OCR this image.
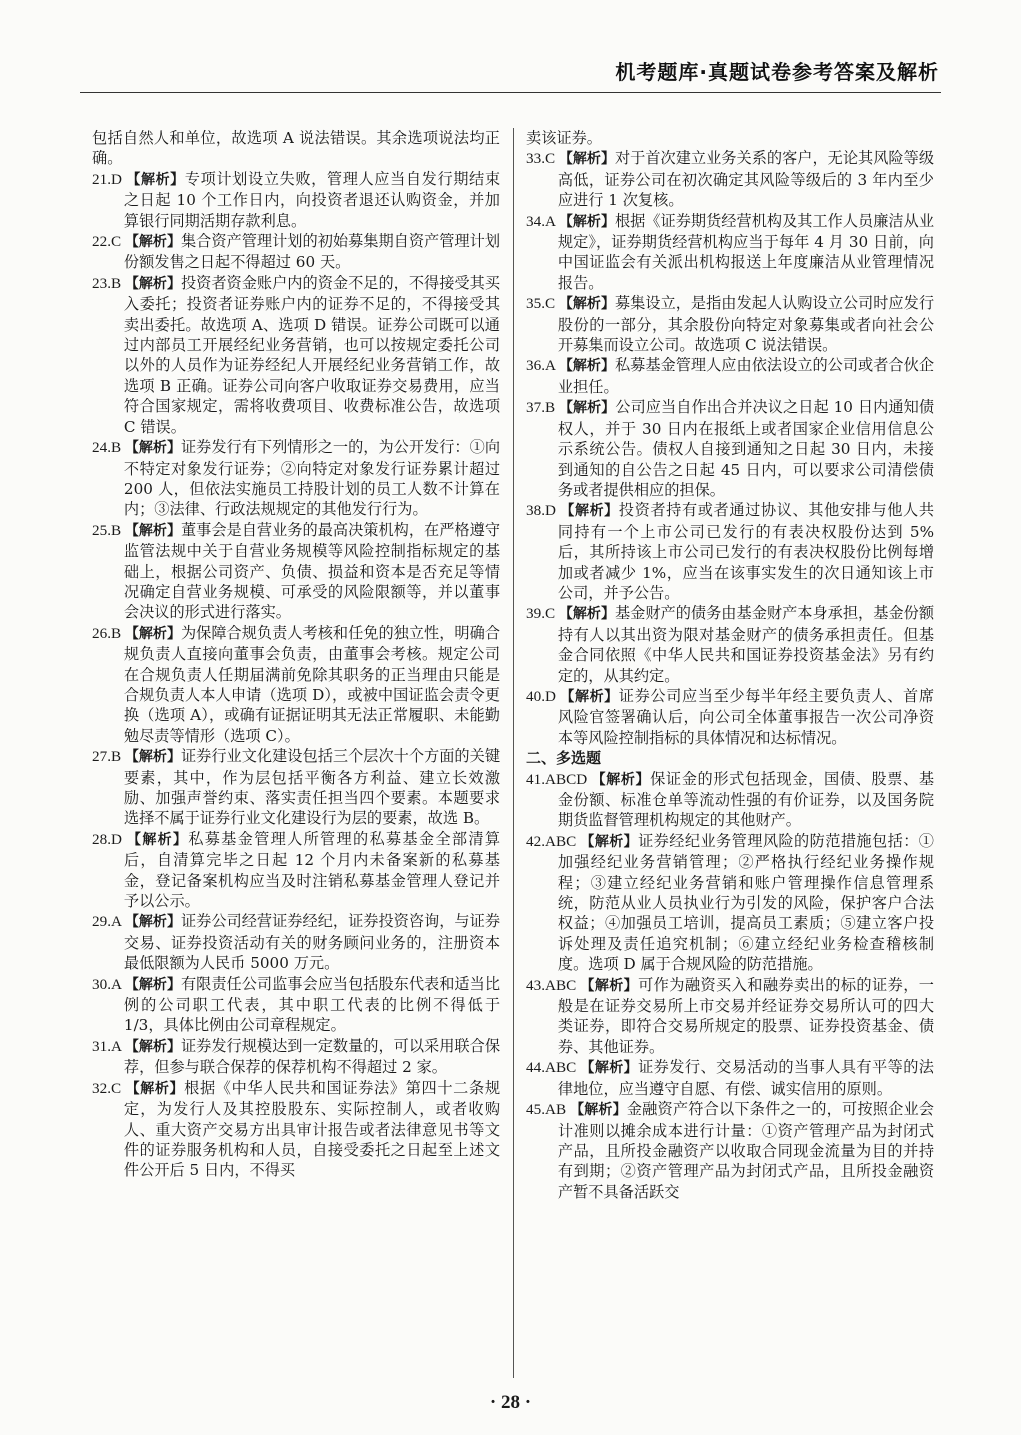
机考题库·真题试卷参考答案及解析

包括自然人和单位，故选项 A 说法错误。其余选项说法均正确。

21.D 【解析】专项计划设立失败，管理人应当自发行期结束之日起 10 个工作日内，向投资者退还认购资金，并加算银行同期活期存款利息。

22.C 【解析】集合资产管理计划的初始募集期自资产管理计划份额发售之日起不得超过 60 天。

23.B 【解析】投资者资金账户内的资金不足的，不得接受其买入委托；投资者证券账户内的证券不足的，不得接受其卖出委托。故选项 A、选项 D 错误。证券公司既可以通过内部员工开展经纪业务营销，也可以按规定委托公司以外的人员作为证券经纪人开展经纪业务营销工作，故选项 B 正确。证券公司向客户收取证券交易费用，应当符合国家规定，需将收费项目、收费标准公告，故选项 C 错误。

24.B 【解析】证券发行有下列情形之一的，为公开发行：①向不特定对象发行证券；②向特定对象发行证券累计超过 200 人，但依法实施员工持股计划的员工人数不计算在内；③法律、行政法规规定的其他发行行为。

25.B 【解析】董事会是自营业务的最高决策机构，在严格遵守监管法规中关于自营业务规模等风险控制指标规定的基础上，根据公司资产、负债、损益和资本是否充足等情况确定自营业务规模、可承受的风险限额等，并以董事会决议的形式进行落实。

26.B 【解析】为保障合规负责人考核和任免的独立性，明确合规负责人直接向董事会负责，由董事会考核。规定公司在合规负责人任期届满前免除其职务的正当理由只能是合规负责人本人申请（选项 D），或被中国证监会责令更换（选项 A），或确有证据证明其无法正常履职、未能勤勉尽责等情形（选项 C）。

27.B 【解析】证券行业文化建设包括三个层次十个方面的关键要素，其中，作为层包括平衡各方利益、建立长效激励、加强声誉约束、落实责任担当四个要素。本题要求选择不属于证券行业文化建设行为层的要素，故选 B。

28.D 【解析】私募基金管理人所管理的私募基金全部清算后，自清算完毕之日起 12 个月内未备案新的私募基金，登记备案机构应当及时注销私募基金管理人登记并予以公示。

29.A 【解析】证券公司经营证券经纪，证券投资咨询，与证券交易、证券投资活动有关的财务顾问业务的，注册资本最低限额为人民币 5000 万元。

30.A 【解析】有限责任公司监事会应当包括股东代表和适当比例的公司职工代表，其中职工代表的比例不得低于 1/3，具体比例由公司章程规定。

31.A 【解析】证券发行规模达到一定数量的，可以采用联合保荐，但参与联合保荐的保荐机构不得超过 2 家。

32.C 【解析】根据《中华人民共和国证券法》第四十二条规定，为发行人及其控股股东、实际控制人，或者收购人、重大资产交易方出具审计报告或者法律意见书等文件的证券服务机构和人员，自接受委托之日起至上述文件公开后 5 日内，不得买

卖该证券。

33.C 【解析】对于首次建立业务关系的客户，无论其风险等级高低，证券公司在初次确定其风险等级后的 3 年内至少应进行 1 次复核。

34.A 【解析】根据《证券期货经营机构及其工作人员廉洁从业规定》，证券期货经营机构应当于每年 4 月 30 日前，向中国证监会有关派出机构报送上年度廉洁从业管理情况报告。

35.C 【解析】募集设立，是指由发起人认购设立公司时应发行股份的一部分，其余股份向特定对象募集或者向社会公开募集而设立公司。故选项 C 说法错误。

36.A 【解析】私募基金管理人应由依法设立的公司或者合伙企业担任。

37.B 【解析】公司应当自作出合并决议之日起 10 日内通知债权人，并于 30 日内在报纸上或者国家企业信用信息公示系统公告。债权人自接到通知之日起 30 日内，未接到通知的自公告之日起 45 日内，可以要求公司清偿债务或者提供相应的担保。

38.D 【解析】投资者持有或者通过协议、其他安排与他人共同持有一个上市公司已发行的有表决权股份达到 5%后，其所持该上市公司已发行的有表决权股份比例每增加或者减少 1%，应当在该事实发生的次日通知该上市公司，并予公告。

39.C 【解析】基金财产的债务由基金财产本身承担，基金份额持有人以其出资为限对基金财产的债务承担责任。但基金合同依照《中华人民共和国证券投资基金法》另有约定的，从其约定。

40.D 【解析】证券公司应当至少每半年经主要负责人、首席风险官签署确认后，向公司全体董事报告一次公司净资本等风险控制指标的具体情况和达标情况。

二、多选题

41.ABCD 【解析】保证金的形式包括现金，国债、股票、基金份额、标准仓单等流动性强的有价证券，以及国务院期货监督管理机构规定的其他财产。

42.ABC 【解析】证券经纪业务管理风险的防范措施包括：①加强经纪业务营销管理；②严格执行经纪业务操作规程；③建立经纪业务营销和账户管理操作信息管理系统，防范从业人员执业行为引发的风险，保护客户合法权益；④加强员工培训，提高员工素质；⑤建立客户投诉处理及责任追究机制；⑥建立经纪业务检查稽核制度。选项 D 属于合规风险的防范措施。

43.ABC 【解析】可作为融资买入和融券卖出的标的证券，一般是在证券交易所上市交易并经证券交易所认可的四大类证券，即符合交易所规定的股票、证券投资基金、债券、其他证券。

44.ABC 【解析】证券发行、交易活动的当事人具有平等的法律地位，应当遵守自愿、有偿、诚实信用的原则。

45.AB 【解析】金融资产符合以下条件之一的，可按照企业会计准则以摊余成本进行计量：①资产管理产品为封闭式产品，且所投金融资产以收取合同现金流量为目的并持有到期；②资产管理产品为封闭式产品，且所投金融资产暂不具备活跃交

· 28 ·
